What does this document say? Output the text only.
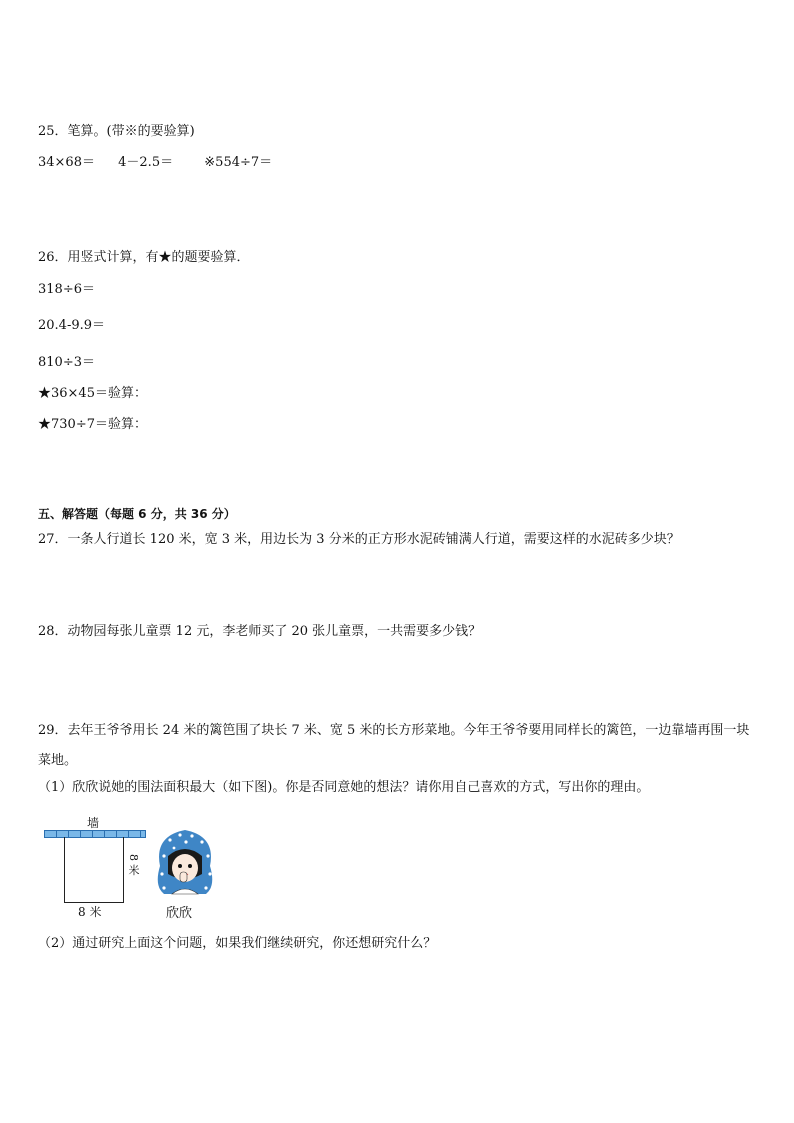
25．笔算。(带※的要验算)
34×68＝ 4－2.5＝ ※554÷7＝
26．用竖式计算，有★的题要验算．
318÷6＝
20.4-9.9＝
810÷3＝
★36×45＝验算：
★730÷7＝验算：
五、解答题（每题 6 分，共 36 分）
27．一条人行道长 120 米，宽 3 米，用边长为 3 分米的正方形水泥砖铺满人行道，需要这样的水泥砖多少块？
28．动物园每张儿童票 12 元，李老师买了 20 张儿童票，一共需要多少钱？
29．去年王爷爷用长 24 米的篱笆围了块长 7 米、宽 5 米的长方形菜地。今年王爷爷要用同样长的篱笆，一边靠墙再围一块菜地。
（1）欣欣说她的围法面积最大（如下图)。你是否同意她的想法？请你用自己喜欢的方式，写出你的理由。
墙
8 米
8 米	欣欣
（2）通过研究上面这个问题，如果我们继续研究，你还想研究什么？
